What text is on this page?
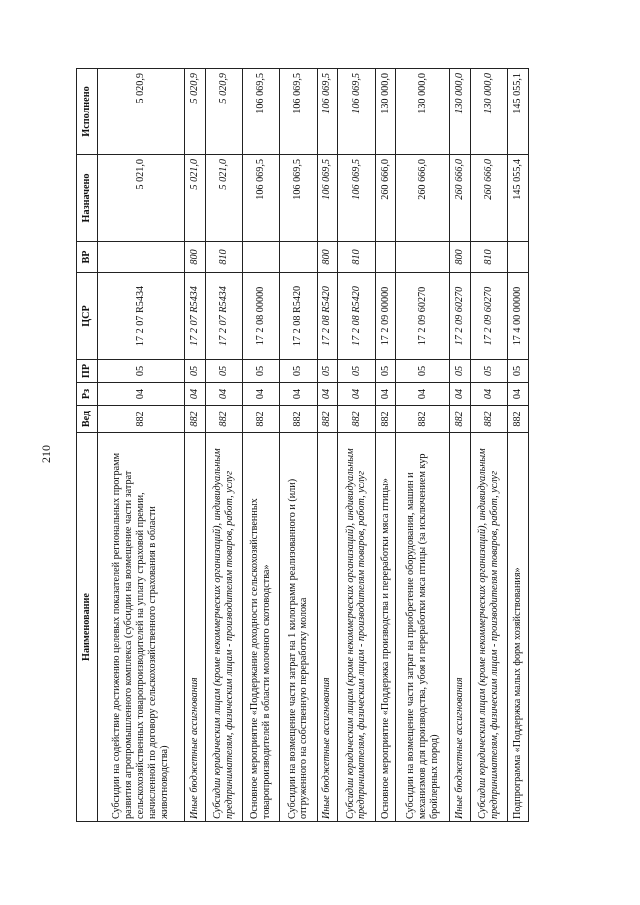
210
Наименование	Вед	Рз	ПР	ЦСР	ВР	Назначено	Исполнено
Субсидии на содействие достижению целевых показателей региональных программ развития агропромышленного комплекса (субсидии на возмещение части затрат сельскохозяйственных товаропроизводителей на уплату страховой премии, начисленной по договору сельскохозяйственного страхования в области животноводства)	882	04	05	17 2 07 R5434		5 021,0	5 020,9
Иные бюджетные ассигнования	882	04	05	17 2 07 R5434	800	5 021,0	5 020,9
Субсидии юридическим лицам (кроме некоммерческих организаций), индивидуальным предпринимателям, физическим лицам - производителям товаров, работ, услуг	882	04	05	17 2 07 R5434	810	5 021,0	5 020,9
Основное мероприятие «Поддержание доходности сельскохозяйственных товаропроизводителей в области молочного скотоводства»	882	04	05	17 2 08 00000		106 069,5	106 069,5
Субсидии на возмещение части затрат на 1 килограмм реализованного и (или) отгруженного на собственную переработку молока	882	04	05	17 2 08 R5420		106 069,5	106 069,5
Иные бюджетные ассигнования	882	04	05	17 2 08 R5420	800	106 069,5	106 069,5
Субсидии юридическим лицам (кроме некоммерческих организаций), индивидуальным предпринимателям, физическим лицам - производителям товаров, работ, услуг	882	04	05	17 2 08 R5420	810	106 069,5	106 069,5
Основное мероприятие «Поддержка производства и переработки мяса птицы»	882	04	05	17 2 09 00000		260 666,0	130 000,0
Субсидии на возмещение части затрат на приобретение оборудования, машин и механизмов для производства, убоя и переработки мяса птицы (за исключением кур бройлерных пород)	882	04	05	17 2 09 60270		260 666,0	130 000,0
Иные бюджетные ассигнования	882	04	05	17 2 09 60270	800	260 666,0	130 000,0
Субсидии юридическим лицам (кроме некоммерческих организаций), индивидуальным предпринимателям, физическим лицам - производителям товаров, работ, услуг	882	04	05	17 2 09 60270	810	260 666,0	130 000,0
Подпрограмма «Поддержка малых форм хозяйствования»	882	04	05	17 4 00 00000		145 055,4	145 055,1
